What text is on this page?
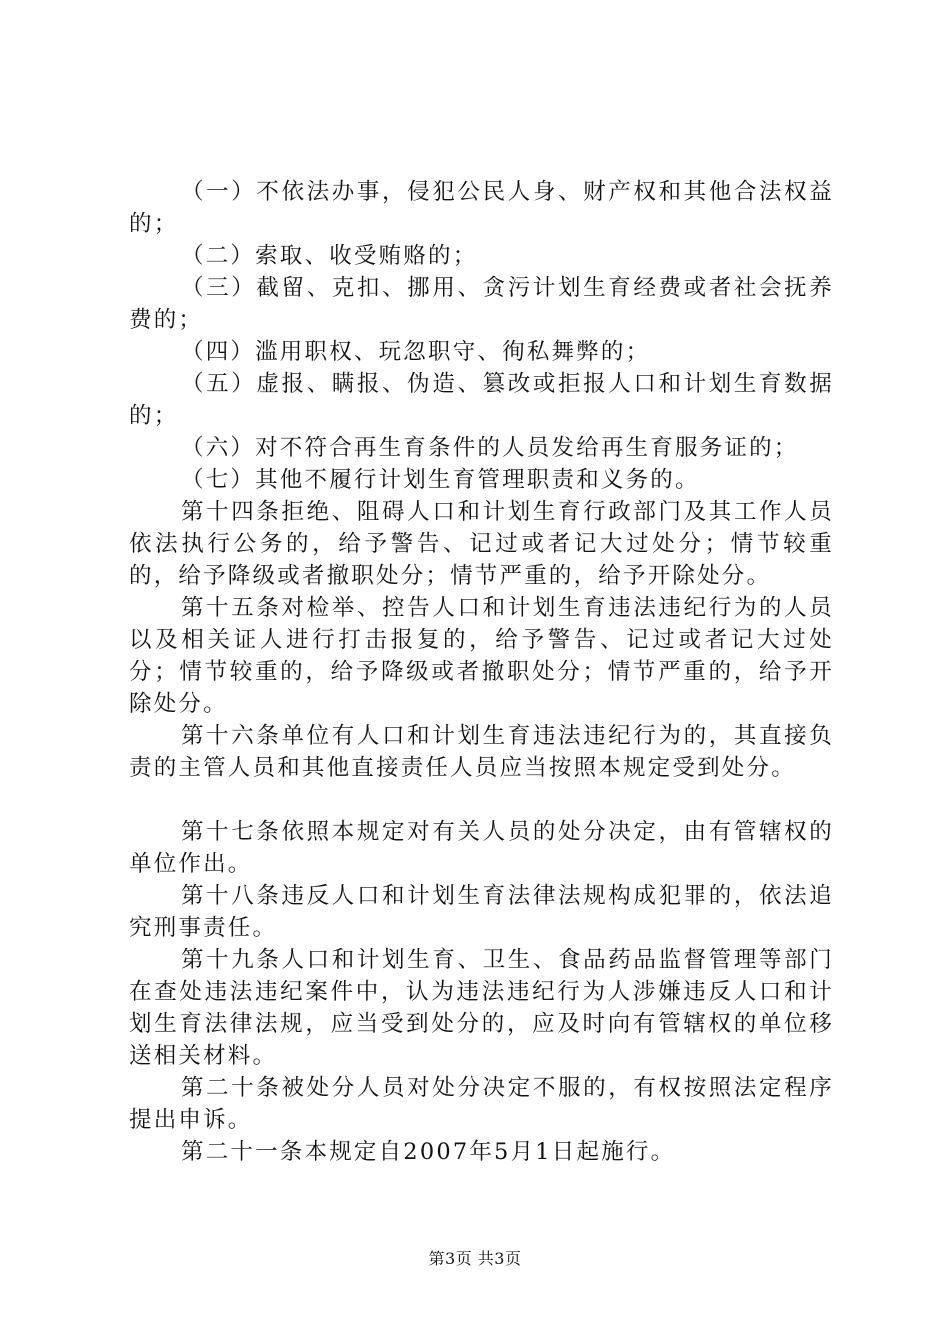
（一）不依法办事，侵犯公民人身、财产权和其他合法权益的；

（二）索取、收受贿赂的；

（三）截留、克扣、挪用、贪污计划生育经费或者社会抚养费的；

（四）滥用职权、玩忽职守、徇私舞弊的；

（五）虚报、瞒报、伪造、篡改或拒报人口和计划生育数据的；

（六）对不符合再生育条件的人员发给再生育服务证的；

（七）其他不履行计划生育管理职责和义务的。

第十四条拒绝、阻碍人口和计划生育行政部门及其工作人员依法执行公务的，给予警告、记过或者记大过处分；情节较重的，给予降级或者撤职处分；情节严重的，给予开除处分。

第十五条对检举、控告人口和计划生育违法违纪行为的人员以及相关证人进行打击报复的，给予警告、记过或者记大过处分；情节较重的，给予降级或者撤职处分；情节严重的，给予开除处分。

第十六条单位有人口和计划生育违法违纪行为的，其直接负责的主管人员和其他直接责任人员应当按照本规定受到处分。

第十七条依照本规定对有关人员的处分决定，由有管辖权的单位作出。

第十八条违反人口和计划生育法律法规构成犯罪的，依法追究刑事责任。

第十九条人口和计划生育、卫生、食品药品监督管理等部门在查处违法违纪案件中，认为违法违纪行为人涉嫌违反人口和计划生育法律法规，应当受到处分的，应及时向有管辖权的单位移送相关材料。

第二十条被处分人员对处分决定不服的，有权按照法定程序提出申诉。

第二十一条本规定自2007年5月1日起施行。

第3页 共3页
